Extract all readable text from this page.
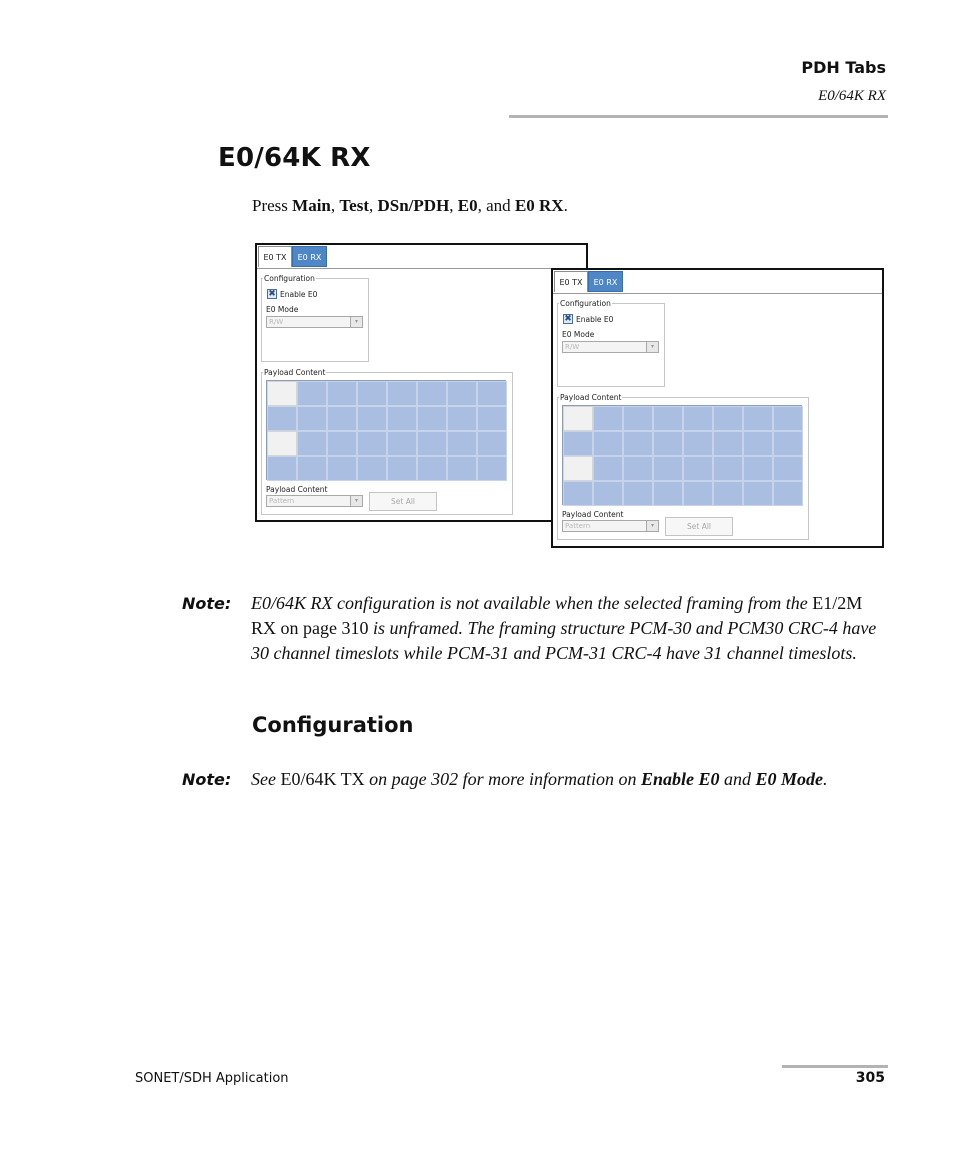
PDH Tabs
E0/64K RX
E0/64K RX
Press Main, Test, DSn/PDH, E0, and E0 RX.
E0 TX	E0 RX
Configuration
✖ Enable E0
E0 Mode
R/W	▾
Payload Content
Payload Content
Pattern	▾	Set All
E0 TX	E0 RX
Configuration
✖ Enable E0
E0 Mode
R/W	▾
Payload Content
Payload Content
Pattern	▾	Set All
Note: E0/64K RX configuration is not available when the selected framing from the E1/2M RX on page 310 is unframed. The framing structure PCM-30 and PCM30 CRC-4 have 30 channel timeslots while PCM-31 and PCM-31 CRC-4 have 31 channel timeslots.
Configuration
Note: See E0/64K TX on page 302 for more information on Enable E0 and E0 Mode.
SONET/SDH Application	305
